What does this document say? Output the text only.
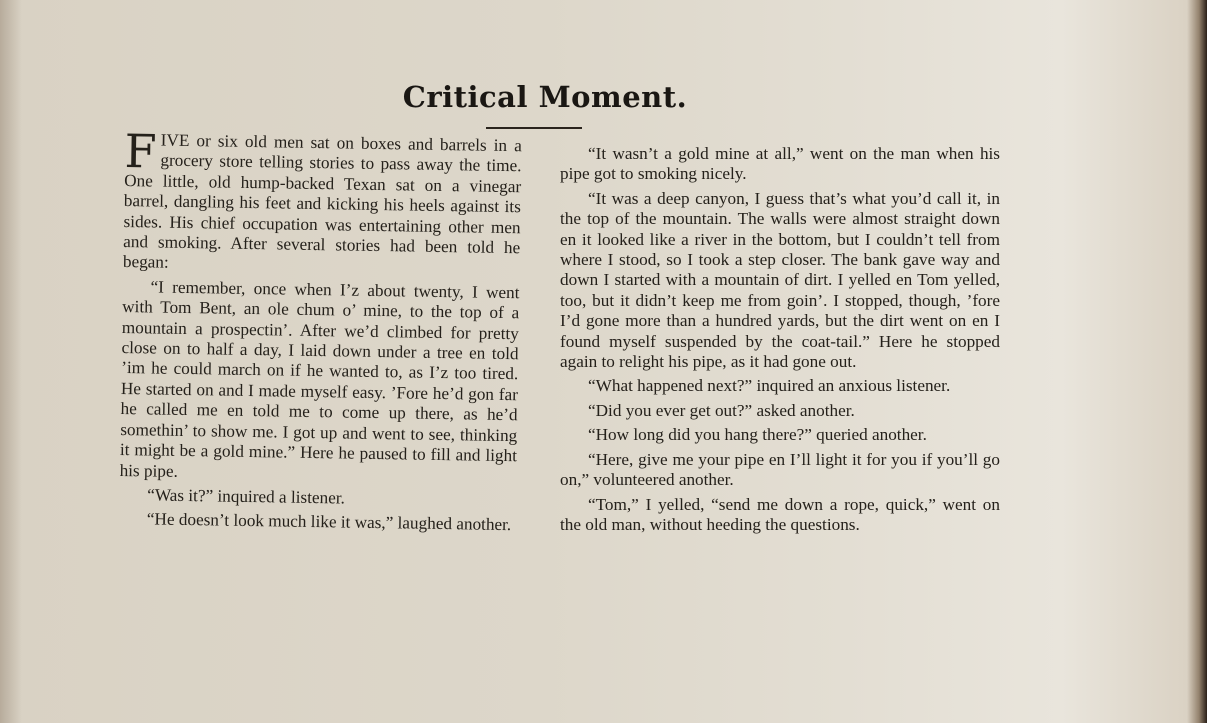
Critical Moment.

FIVE or six old men sat on boxes and barrels in a grocery store telling stories to pass away the time. One little, old hump-backed Texan sat on a vinegar barrel, dangling his feet and kicking his heels against its sides. His chief occupation was entertaining other men and smoking. After several stories had been told he began:

“I remember, once when I’z about twenty, I went with Tom Bent, an ole chum o’ mine, to the top of a mountain a prospectin’. After we’d climbed for pretty close on to half a day, I laid down under a tree en told ’im he could march on if he wanted to, as I’z too tired. He started on and I made myself easy. ’Fore he’d gon far he called me en told me to come up there, as he’d somethin’ to show me. I got up and went to see, thinking it might be a gold mine.” Here he paused to fill and light his pipe.

“Was it?” inquired a listener.

“He doesn’t look much like it was,” laughed another.

“It wasn’t a gold mine at all,” went on the man when his pipe got to smoking nicely.

“It was a deep canyon, I guess that’s what you’d call it, in the top of the mountain. The walls were almost straight down en it looked like a river in the bottom, but I couldn’t tell from where I stood, so I took a step closer. The bank gave way and down I started with a mountain of dirt. I yelled en Tom yelled, too, but it didn’t keep me from goin’. I stopped, though, ’fore I’d gone more than a hundred yards, but the dirt went on en I found myself suspended by the coat-tail.” Here he stopped again to relight his pipe, as it had gone out.

“What happened next?” inquired an anxious listener.

“Did you ever get out?” asked another.

“How long did you hang there?” queried another.

“Here, give me your pipe en I’ll light it for you if you’ll go on,” volunteered another.

“Tom,” I yelled, “send me down a rope, quick,” went on the old man, without heeding the questions.
